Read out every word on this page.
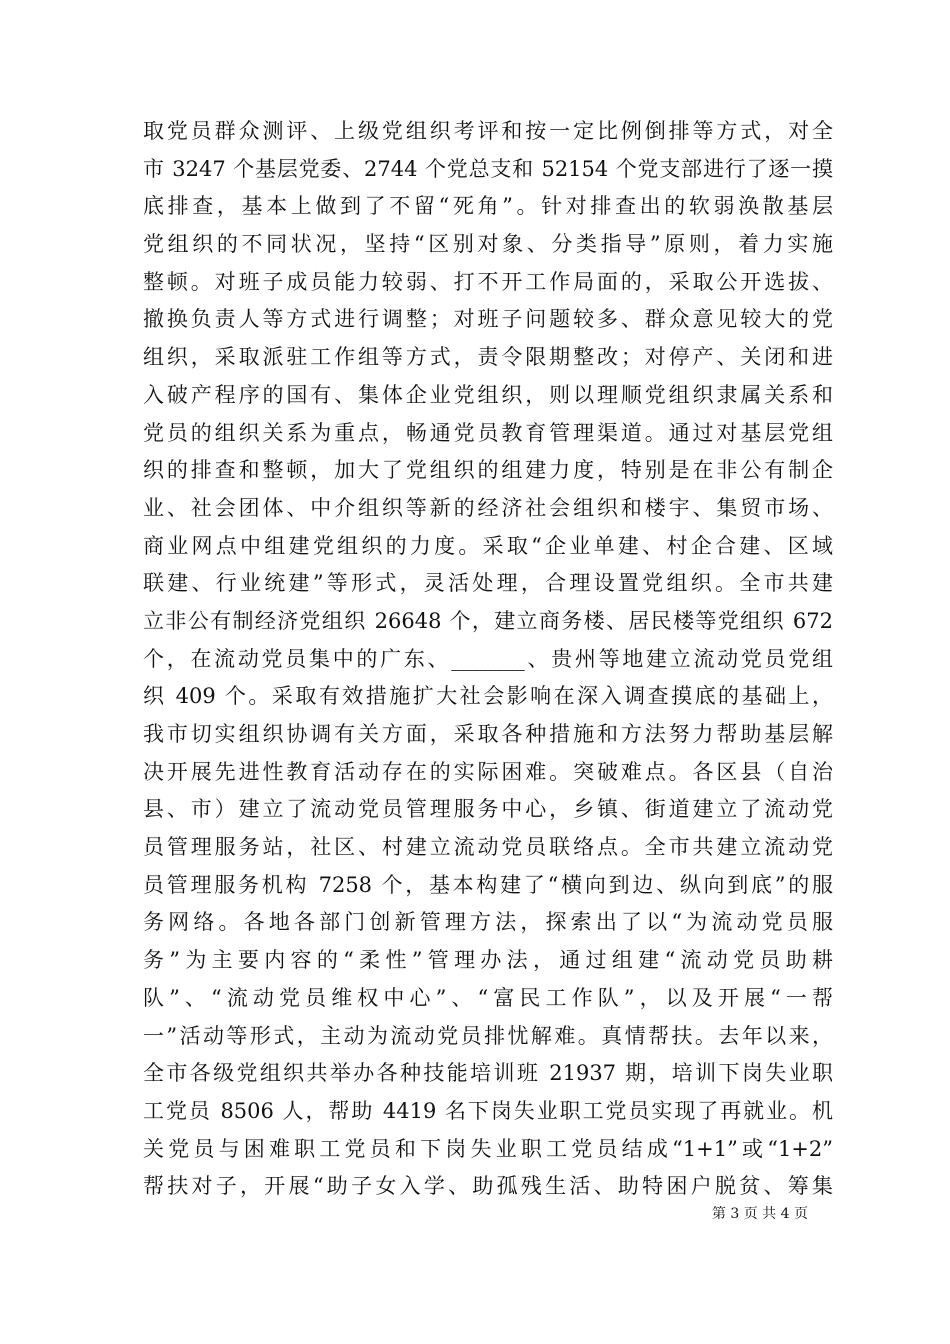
取党员群众测评、上级党组织考评和按一定比例倒排等方式，对全
市 3247 个基层党委、2744 个党总支和 52154 个党支部进行了逐一摸
底排查，基本上做到了不留“死角”。针对排查出的软弱涣散基层
党组织的不同状况，坚持“区别对象、分类指导”原则，着力实施
整顿。对班子成员能力较弱、打不开工作局面的，采取公开选拔、
撤换负责人等方式进行调整；对班子问题较多、群众意见较大的党
组织，采取派驻工作组等方式，责令限期整改；对停产、关闭和进
入破产程序的国有、集体企业党组织，则以理顺党组织隶属关系和
党员的组织关系为重点，畅通党员教育管理渠道。通过对基层党组
织的排查和整顿，加大了党组织的组建力度，特别是在非公有制企
业、社会团体、中介组织等新的经济社会组织和楼宇、集贸市场、
商业网点中组建党组织的力度。采取“企业单建、村企合建、区域
联建、行业统建”等形式，灵活处理，合理设置党组织。全市共建
立非公有制经济党组织 26648 个，建立商务楼、居民楼等党组织 672
个，在流动党员集中的广东、_______、贵州等地建立流动党员党组
织 409 个。采取有效措施扩大社会影响在深入调查摸底的基础上，
我市切实组织协调有关方面，采取各种措施和方法努力帮助基层解
决开展先进性教育活动存在的实际困难。突破难点。各区县（自治
县、市）建立了流动党员管理服务中心，乡镇、街道建立了流动党
员管理服务站，社区、村建立流动党员联络点。全市共建立流动党
员管理服务机构 7258 个，基本构建了“横向到边、纵向到底”的服
务网络。各地各部门创新管理方法，探索出了以“为流动党员服
务”为主要内容的“柔性”管理办法，通过组建“流动党员助耕
队”、“流动党员维权中心”、“富民工作队”，以及开展“一帮
一”活动等形式，主动为流动党员排忧解难。真情帮扶。去年以来，
全市各级党组织共举办各种技能培训班 21937 期，培训下岗失业职
工党员 8506 人，帮助 4419 名下岗失业职工党员实现了再就业。机
关党员与困难职工党员和下岗失业职工党员结成“1+1”或“1+2”
帮扶对子，开展“助子女入学、助孤残生活、助特困户脱贫、筹集
第 3 页 共 4 页
